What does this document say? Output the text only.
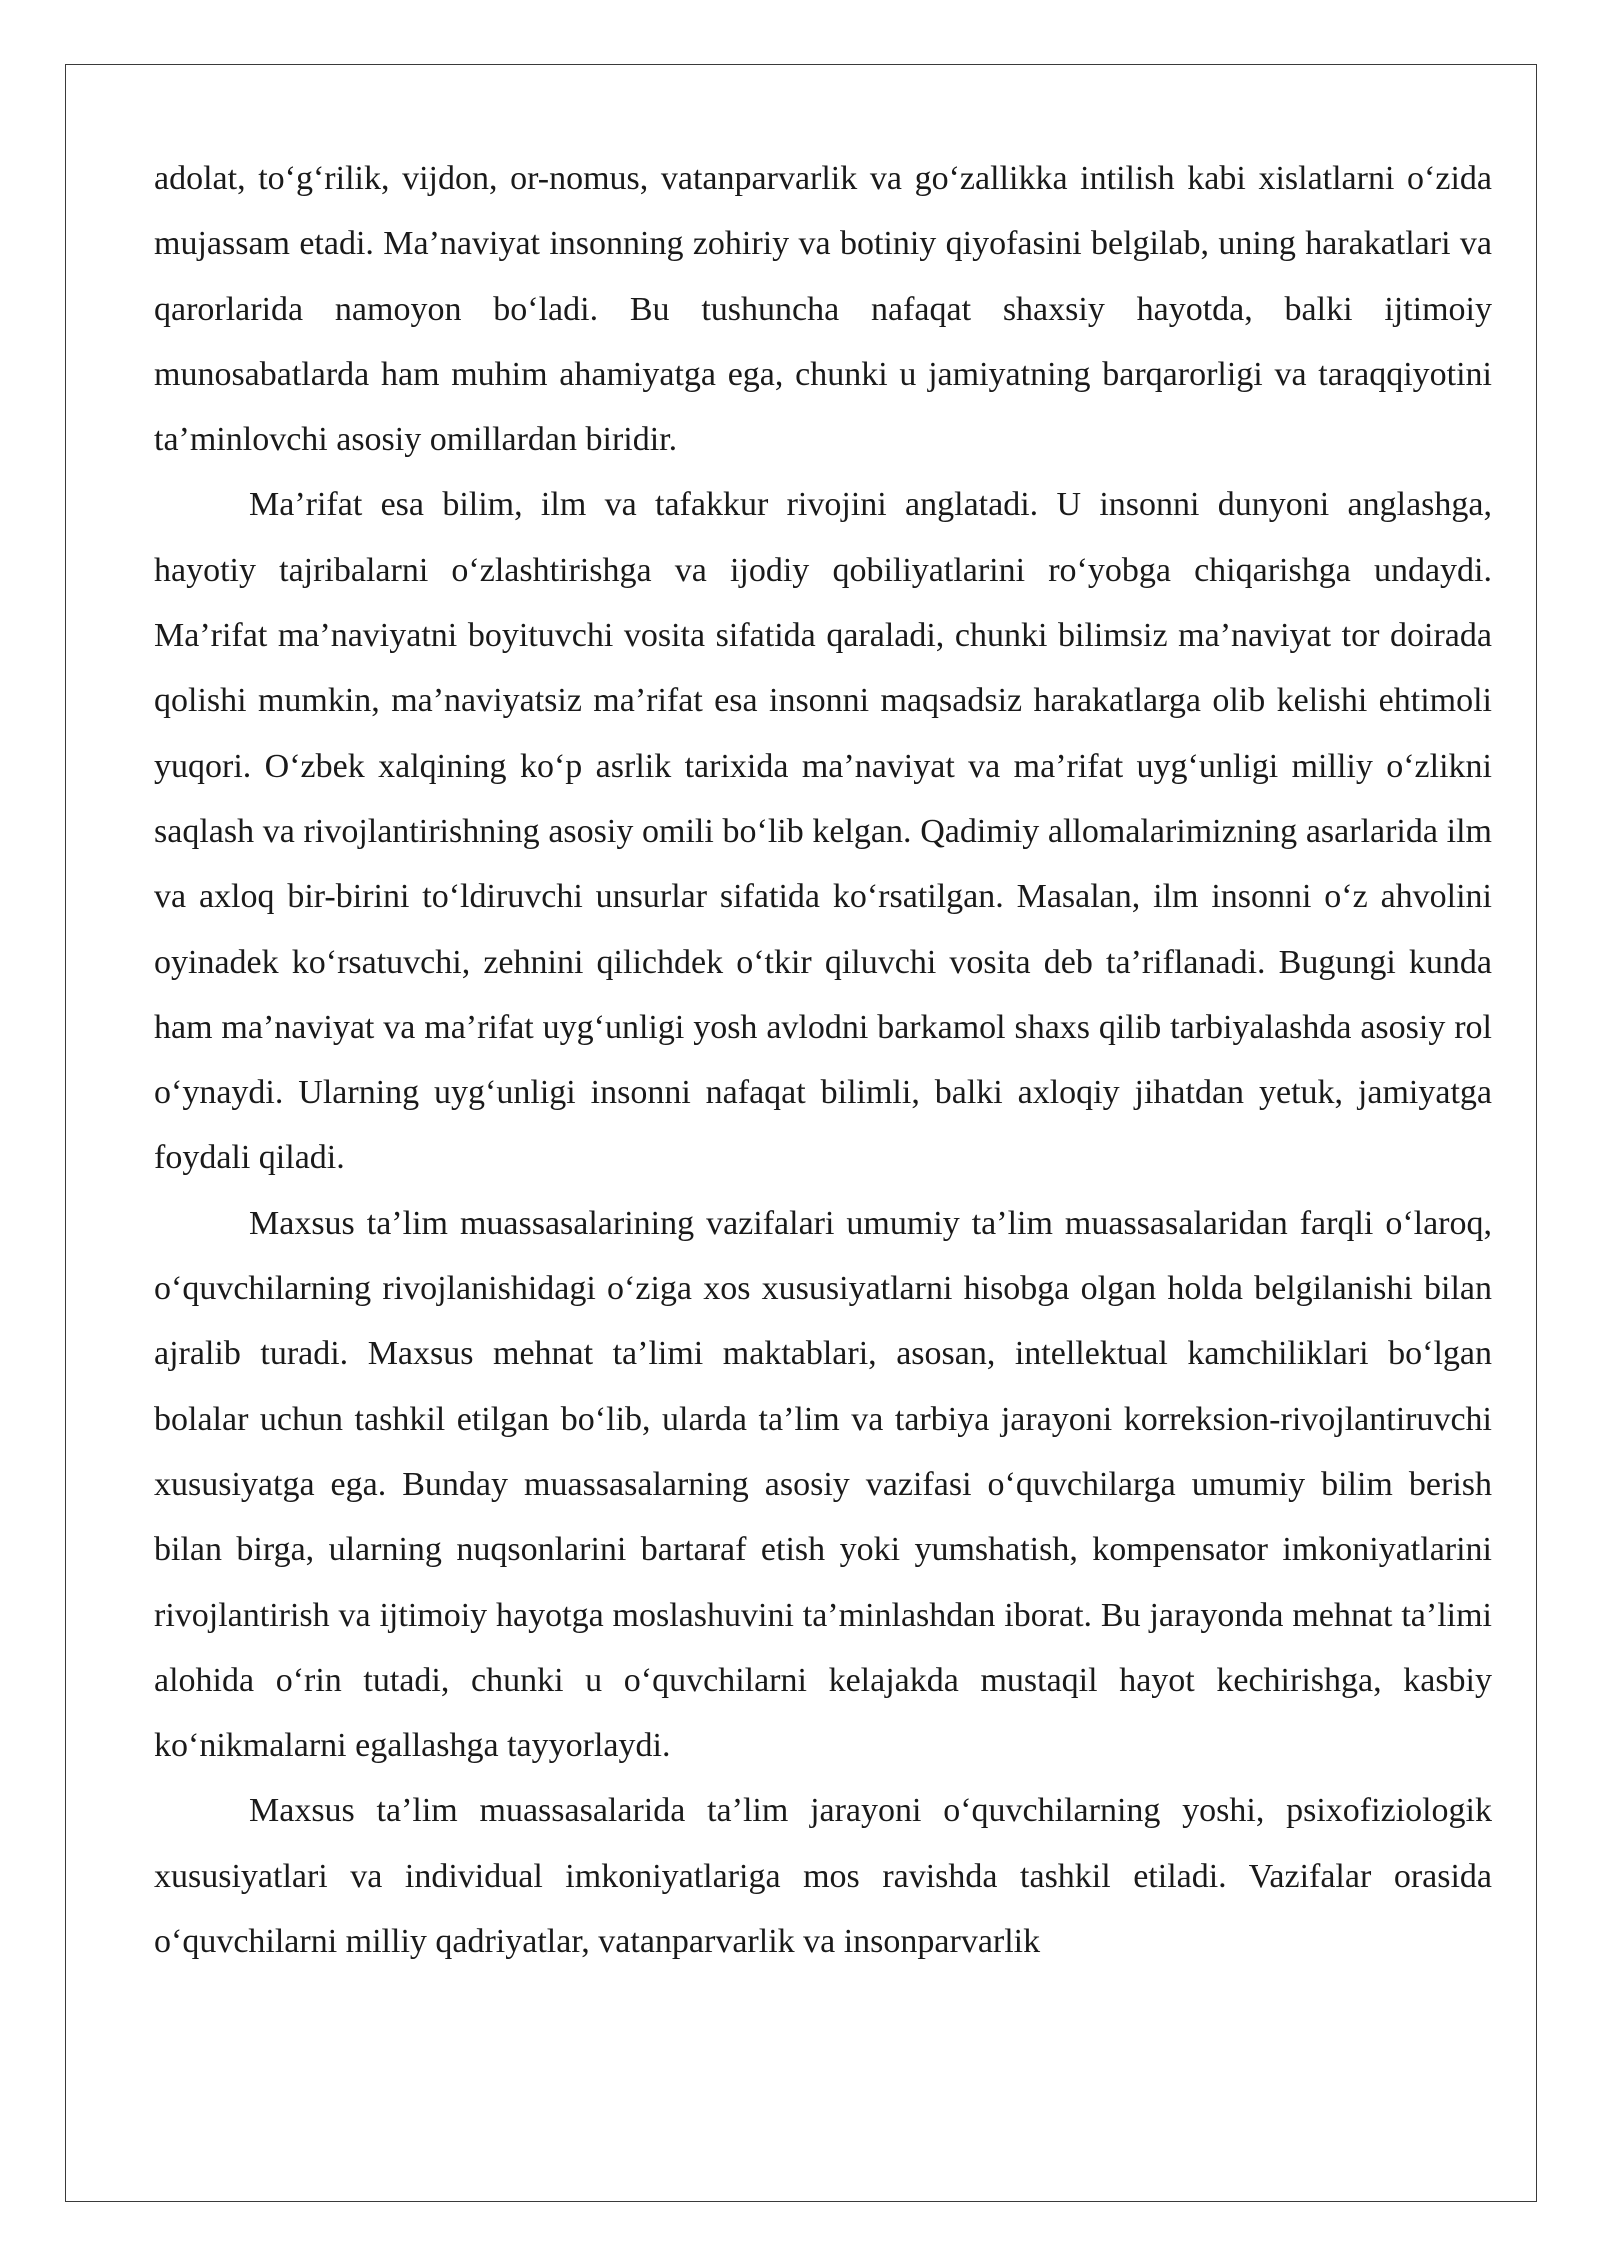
adolat, to‘g‘rilik, vijdon, or-nomus, vatanparvarlik va go‘zallikka intilish kabi xislatlarni o‘zida mujassam etadi. Ma’naviyat insonning zohiriy va botiniy qiyofasini belgilab, uning harakatlari va qarorlarida namoyon bo‘ladi. Bu tushuncha nafaqat shaxsiy hayotda, balki ijtimoiy munosabatlarda ham muhim ahamiyatga ega, chunki u jamiyatning barqarorligi va taraqqiyotini ta’minlovchi asosiy omillardan biridir.

Ma’rifat esa bilim, ilm va tafakkur rivojini anglatadi. U insonni dunyoni anglashga, hayotiy tajribalarni o‘zlashtirishga va ijodiy qobiliyatlarini ro‘yobga chiqarishga undaydi. Ma’rifat ma’naviyatni boyituvchi vosita sifatida qaraladi, chunki bilimsiz ma’naviyat tor doirada qolishi mumkin, ma’naviyatsiz ma’rifat esa insonni maqsadsiz harakatlarga olib kelishi ehtimoli yuqori. O‘zbek xalqining ko‘p asrlik tarixida ma’naviyat va ma’rifat uyg‘unligi milliy o‘zlikni saqlash va rivojlantirishning asosiy omili bo‘lib kelgan. Qadimiy allomalarimizning asarlarida ilm va axloq bir-birini to‘ldiruvchi unsurlar sifatida ko‘rsatilgan. Masalan, ilm insonni o‘z ahvolini oyinadek ko‘rsatuvchi, zehnini qilichdek o‘tkir qiluvchi vosita deb ta’riflanadi. Bugungi kunda ham ma’naviyat va ma’rifat uyg‘unligi yosh avlodni barkamol shaxs qilib tarbiyalashda asosiy rol o‘ynaydi. Ularning uyg‘unligi insonni nafaqat bilimli, balki axloqiy jihatdan yetuk, jamiyatga foydali qiladi.

Maxsus ta’lim muassasalarining vazifalari umumiy ta’lim muassasalaridan farqli o‘laroq, o‘quvchilarning rivojlanishidagi o‘ziga xos xususiyatlarni hisobga olgan holda belgilanishi bilan ajralib turadi. Maxsus mehnat ta’limi maktablari, asosan, intellektual kamchiliklari bo‘lgan bolalar uchun tashkil etilgan bo‘lib, ularda ta’lim va tarbiya jarayoni korreksion-rivojlantiruvchi xususiyatga ega. Bunday muassasalarning asosiy vazifasi o‘quvchilarga umumiy bilim berish bilan birga, ularning nuqsonlarini bartaraf etish yoki yumshatish, kompensator imkoniyatlarini rivojlantirish va ijtimoiy hayotga moslashuvini ta’minlashdan iborat. Bu jarayonda mehnat ta’limi alohida o‘rin tutadi, chunki u o‘quvchilarni kelajakda mustaqil hayot kechirishga, kasbiy ko‘nikmalarni egallashga tayyorlaydi.

Maxsus ta’lim muassasalarida ta’lim jarayoni o‘quvchilarning yoshi, psixofiziologik xususiyatlari va individual imkoniyatlariga mos ravishda tashkil etiladi. Vazifalar orasida o‘quvchilarni milliy qadriyatlar, vatanparvarlik va insonparvarlik
